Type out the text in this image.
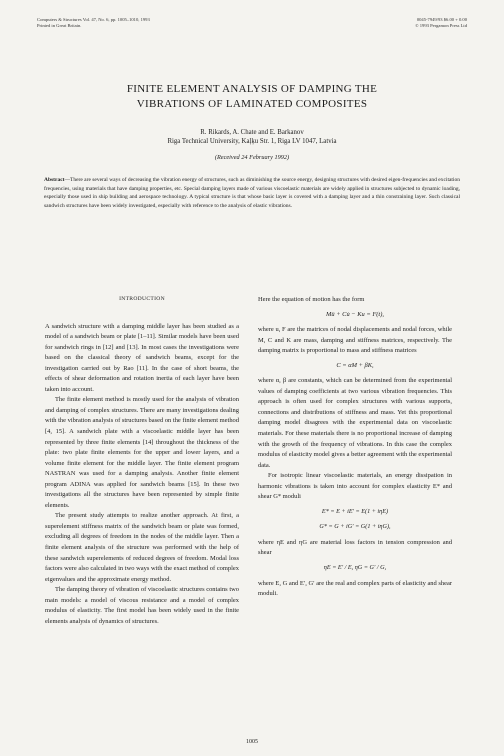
Computers & Structures Vol. 47, No. 6, pp. 1005–1010, 1993
Printed in Great Britain.
0045-7949/93 $6.00 + 0.00
© 1993 Pergamon Press Ltd
FINITE ELEMENT ANALYSIS OF DAMPING THE
VIBRATIONS OF LAMINATED COMPOSITES
R. Rikards, A. Chate and E. Barkanov
Riga Technical University, Kaļķu Str. 1, Riga LV 1047, Latvia
(Received 24 February 1992)
Abstract—There are several ways of decreasing the vibration energy of structures, such as diminishing the source energy, designing structures with desired eigen-frequencies and excitation frequencies, using materials that have damping properties, etc. Special damping layers made of various viscoelastic materials are widely applied in structures subjected to dynamic loading, especially those used in ship building and aerospace technology. A typical structure is that whose basic layer is covered with a damping layer and a thin constraining layer. Such classical sandwich structures have been widely investigated, especially with reference to the analysis of elastic vibrations.
INTRODUCTION

A sandwich structure with a damping middle layer has been studied as a model of a sandwich beam or plate [1–11]. Similar models have been used for sandwich rings in [12] and [13]. In most cases the investigations were based on the classical theory of sandwich beams, except for the investigation carried out by Rao [11]. In the case of short beams, the effects of shear deformation and rotation inertia of each layer have been taken into account.

The finite element method is mostly used for the analysis of vibration and damping of complex structures. There are many investigations dealing with the vibration analysis of structures based on the finite element method [4, 15]. A sandwich plate with a viscoelastic middle layer has been represented by three finite elements [14] throughout the thickness of the plate: two plate finite elements for the upper and lower layers, and a volume finite element for the middle layer. The finite element program NASTRAN was used for a damping analysis. Another finite element program ADINA was applied for sandwich beams [15]. In these two investigations all the structures have been represented by simple finite elements.

The present study attempts to realize another approach. At first, a superelement stiffness matrix of the sandwich beam or plate was formed, excluding all degrees of freedom in the nodes of the middle layer. Then a finite element analysis of the structure was performed with the help of these sandwich superelements of reduced degrees of freedom. Modal loss factors were also calculated in two ways with the exact method of complex eigenvalues and the approximate energy method.

The damping theory of vibration of viscoelastic structures contains two main models: a model of viscous resistance and a model of complex modulus of elasticity. The first model has been widely used in the finite elements analysis of dynamics of structures.

Here the equation of motion has the form

Mü + Cu̇ − Ku = F(t),

where u, F are the matrices of nodal displacements and nodal forces, while M, C and K are mass, damping and stiffness matrices, respectively. The damping matrix is proportional to mass and stiffness matrices

C = αM + βK,

where α, β are constants, which can be determined from the experimental values of damping coefficients at two various vibration frequencies. This approach is often used for complex structures with various supports, connections and distributions of stiffness and mass. Yet this proportional damping model disagrees with the experimental data on viscoelastic materials. For these materials there is no proportional increase of damping with the growth of the frequency of vibrations. In this case the complex modulus of elasticity model gives a better agreement with the experimental data.

For isotropic linear viscoelastic materials, an energy dissipation in harmonic vibrations is taken into account for complex elasticity E* and shear G* moduli

E* = E + iE′ = E(1 + iηE)
G* = G + iG′ = G(1 + iηG),

where ηE and ηG are material loss factors in tension compression and shear

ηE = E′ / E, ηG = G′ / G,

where E, G and E′, G′ are the real and complex parts of elasticity and shear moduli.

1005
